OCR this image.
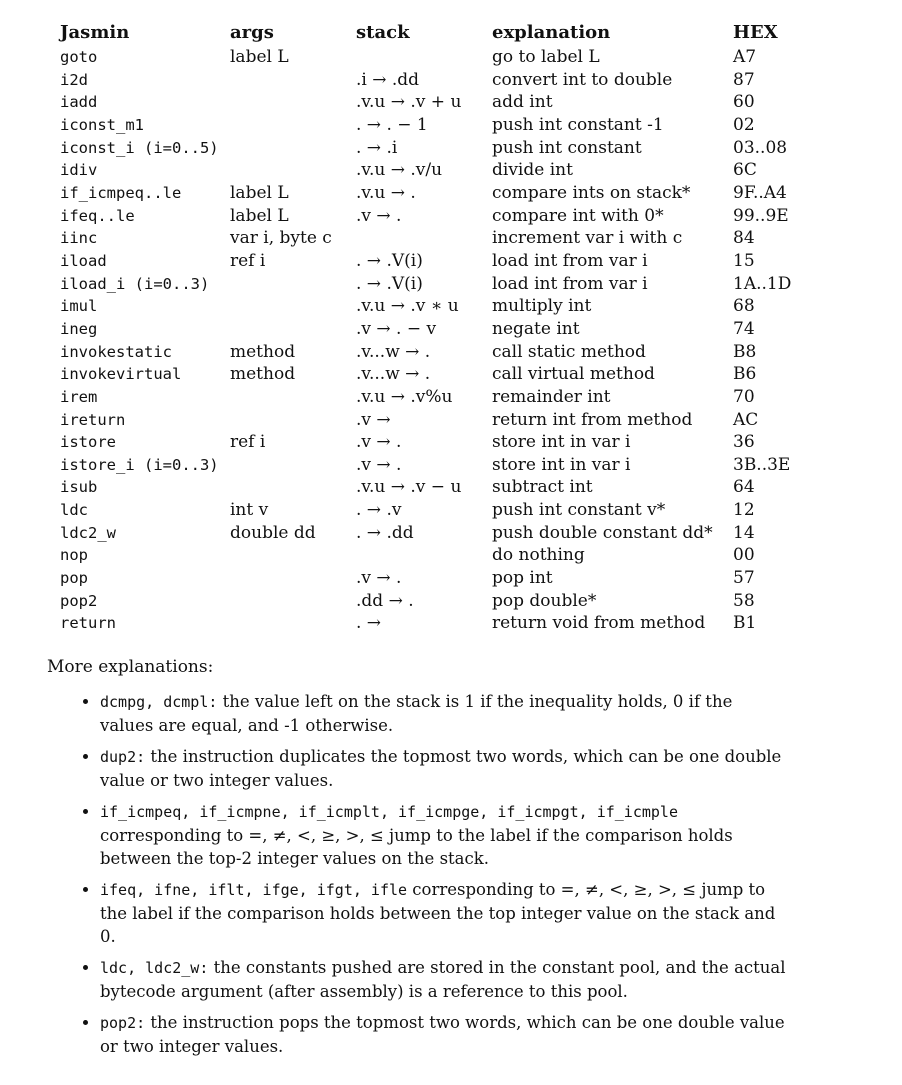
Jasmin	args	stack	explanation	HEX
goto	label L		go to label L	A7
i2d		.i → .dd	convert int to double	87
iadd		.v.u → .v + u	add int	60
iconst_m1		. → . − 1	push int constant -1	02
iconst_i (i=0..5)		. → .i	push int constant	03..08
idiv		.v.u → .v/u	divide int	6C
if_icmpeq..le	label L	.v.u → .	compare ints on stack*	9F..A4
ifeq..le	label L	.v → .	compare int with 0*	99..9E
iinc	var i, byte c		increment var i with c	84
iload	ref i	. → .V(i)	load int from var i	15
iload_i (i=0..3)		. → .V(i)	load int from var i	1A..1D
imul		.v.u → .v ∗ u	multiply int	68
ineg		.v → . − v	negate int	74
invokestatic	method	.v...w → .	call static method	B8
invokevirtual	method	.v...w → .	call virtual method	B6
irem		.v.u → .v%u	remainder int	70
ireturn		.v →	return int from method	AC
istore	ref i	.v → .	store int in var i	36
istore_i (i=0..3)		.v → .	store int in var i	3B..3E
isub		.v.u → .v − u	subtract int	64
ldc	int v	. → .v	push int constant v*	12
ldc2_w	double dd	. → .dd	push double constant dd*	14
nop			do nothing	00
pop		.v → .	pop int	57
pop2		.dd → .	pop double*	58
return		. →	return void from method	B1

More explanations:

• dcmpg, dcmpl: the value left on the stack is 1 if the inequality holds, 0 if the values are equal, and -1 otherwise.
• dup2: the instruction duplicates the topmost two words, which can be one double value or two integer values.
• if_icmpeq, if_icmpne, if_icmplt, if_icmpge, if_icmpgt, if_icmple corresponding to =, ≠, <, ≥, >, ≤ jump to the label if the comparison holds between the top-2 integer values on the stack.
• ifeq, ifne, iflt, ifge, ifgt, ifle corresponding to =, ≠, <, ≥, >, ≤ jump to the label if the comparison holds between the top integer value on the stack and 0.
• ldc, ldc2_w: the constants pushed are stored in the constant pool, and the actual bytecode argument (after assembly) is a reference to this pool.
• pop2: the instruction pops the topmost two words, which can be one double value or two integer values.
